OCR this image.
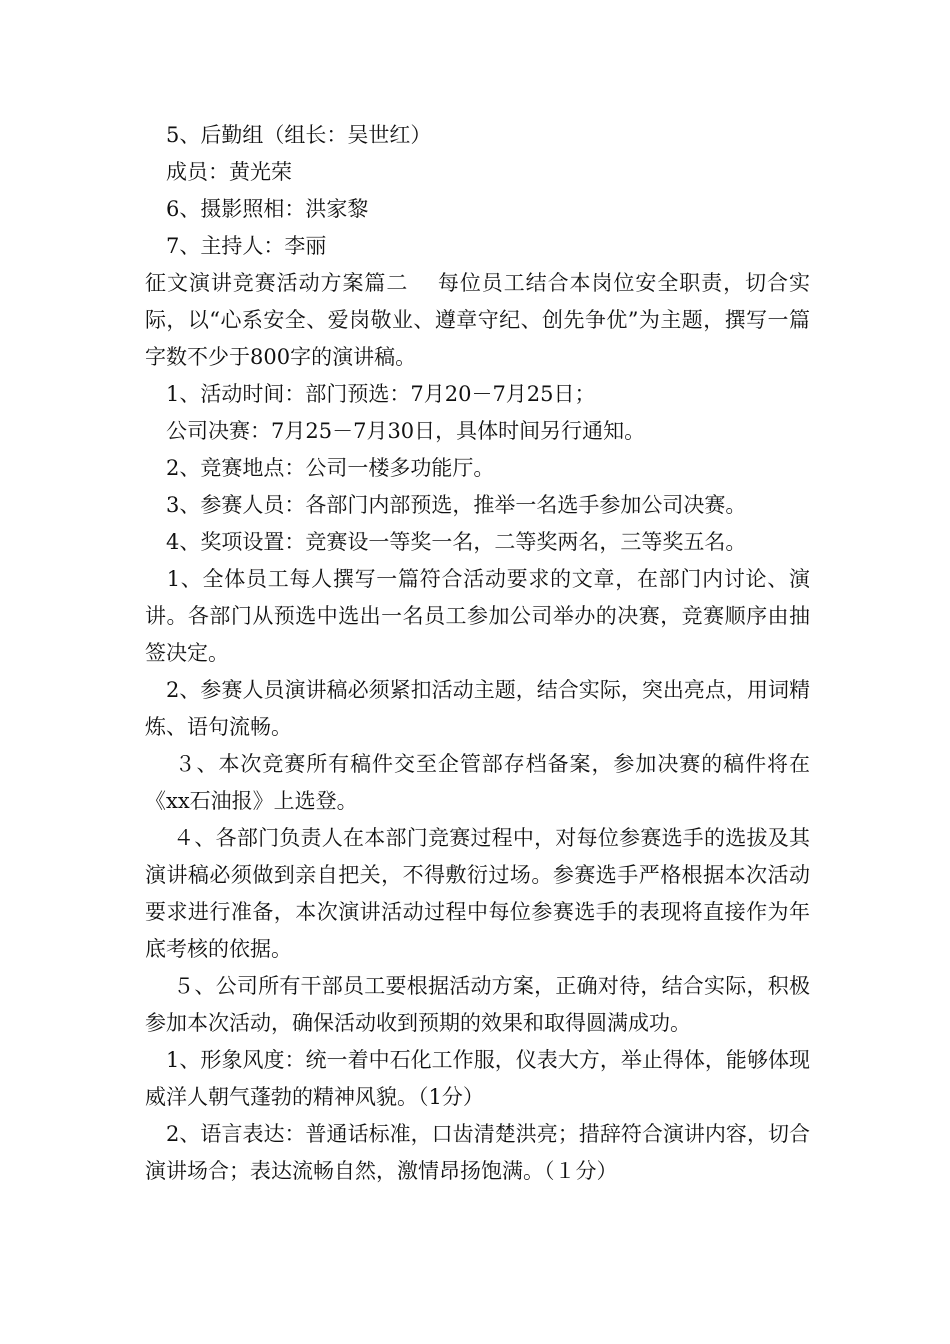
　5、后勤组（组长：吴世红）

　成员：黄光荣

　6、摄影照相：洪家黎

　7、主持人：李丽

征文演讲竞赛活动方案篇二　 每位员工结合本岗位安全职责，切合实际，以“心系安全、爱岗敬业、遵章守纪、创先争优”为主题，撰写一篇字数不少于800字的演讲稿。

　1、活动时间：部门预选：7月20－7月25日；

　公司决赛：7月25－7月30日，具体时间另行通知。

　2、竞赛地点：公司一楼多功能厅。

　3、参赛人员：各部门内部预选，推举一名选手参加公司决赛。

　4、奖项设置：竞赛设一等奖一名，二等奖两名，三等奖五名。

　1、全体员工每人撰写一篇符合活动要求的文章，在部门内讨论、演讲。各部门从预选中选出一名员工参加公司举办的决赛，竞赛顺序由抽签决定。

　2、参赛人员演讲稿必须紧扣活动主题，结合实际，突出亮点，用词精炼、语句流畅。

　 ３、本次竞赛所有稿件交至企管部存档备案，参加决赛的稿件将在《xx石油报》上选登。

　 ４、各部门负责人在本部门竞赛过程中，对每位参赛选手的选拔及其演讲稿必须做到亲自把关，不得敷衍过场。参赛选手严格根据本次活动要求进行准备，本次演讲活动过程中每位参赛选手的表现将直接作为年底考核的依据。

　 ５、公司所有干部员工要根据活动方案，正确对待，结合实际，积极参加本次活动，确保活动收到预期的效果和取得圆满成功。

　1、形象风度：统一着中石化工作服，仪表大方，举止得体，能够体现威洋人朝气蓬勃的精神风貌。（1分）

　2、语言表达：普通话标准，口齿清楚洪亮；措辞符合演讲内容，切合演讲场合；表达流畅自然，激情昂扬饱满。（１分）
